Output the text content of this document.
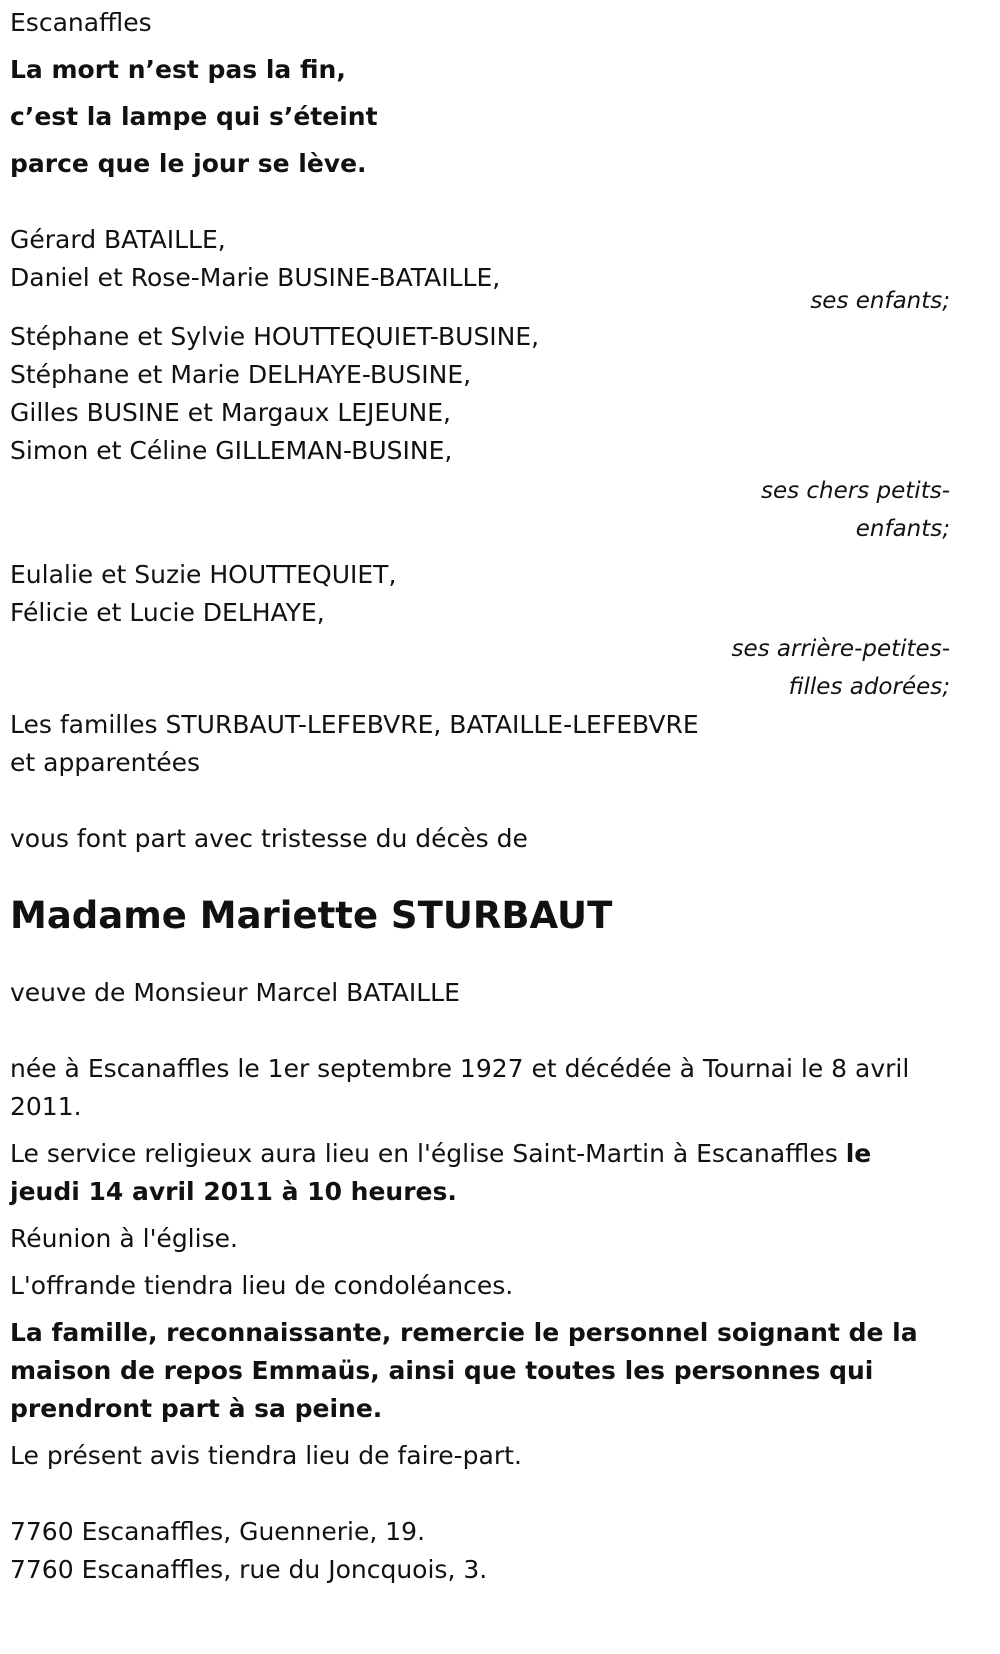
Escanaffles
La mort n’est pas la fin,
c’est la lampe qui s’éteint
parce que le jour se lève.
Gérard BATAILLE,
Daniel et Rose-Marie BUSINE-BATAILLE,
ses enfants;
Stéphane et Sylvie HOUTTEQUIET-BUSINE,
Stéphane et Marie DELHAYE-BUSINE,
Gilles BUSINE et Margaux LEJEUNE,
Simon et Céline GILLEMAN-BUSINE,
ses chers petits-
enfants;
Eulalie et Suzie HOUTTEQUIET,
Félicie et Lucie DELHAYE,
ses arrière-petites-
filles adorées;
Les familles STURBAUT-LEFEBVRE, BATAILLE-LEFEBVRE
et apparentées
vous font part avec tristesse du décès de
Madame Mariette STURBAUT
veuve de Monsieur Marcel BATAILLE
née à Escanaffles le 1er septembre 1927 et décédée à Tournai le 8 avril 2011.
Le service religieux aura lieu en l'église Saint-Martin à Escanaffles le jeudi 14 avril 2011 à 10 heures.
Réunion à l'église.
L'offrande tiendra lieu de condoléances.
La famille, reconnaissante, remercie le personnel soignant de la maison de repos Emmaüs, ainsi que toutes les personnes qui prendront part à sa peine.
Le présent avis tiendra lieu de faire-part.
7760 Escanaffles, Guennerie, 19.
7760 Escanaffles, rue du Joncquois, 3.
